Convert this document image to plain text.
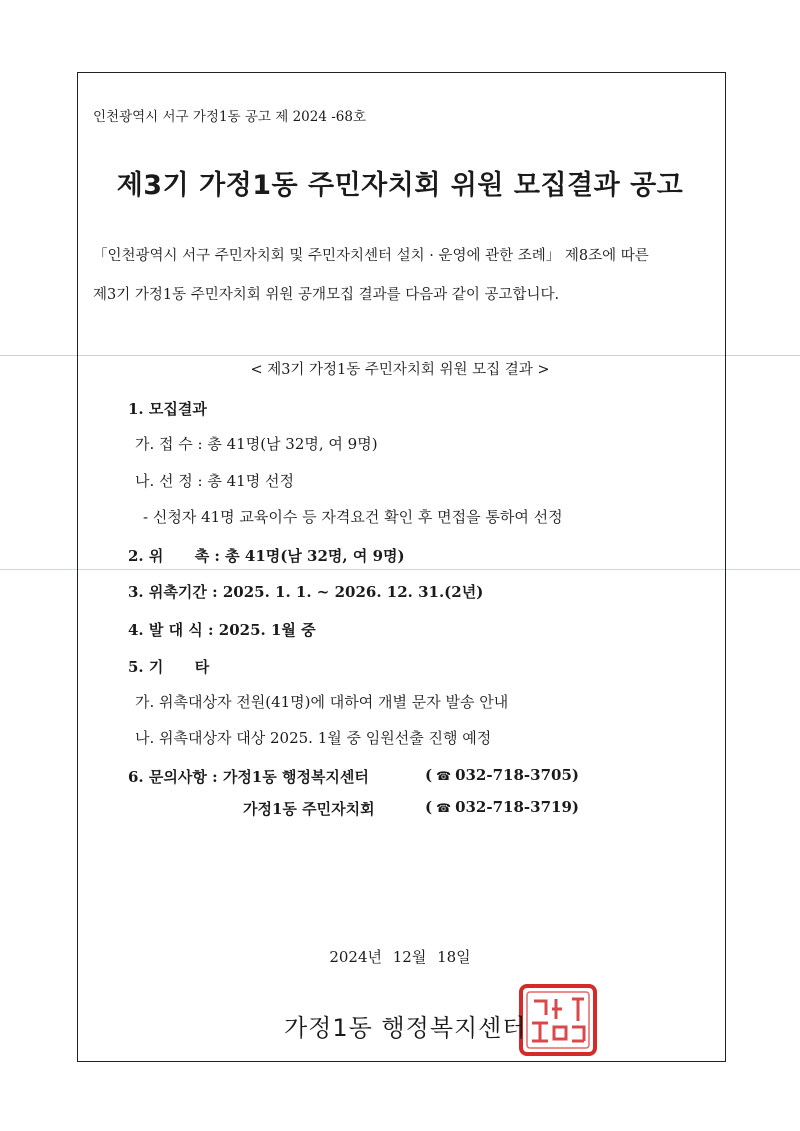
인천광역시 서구 가정1동 공고 제 2024 -68호
제3기 가정1동 주민자치회 위원 모집결과 공고
「인천광역시 서구 주민자치회 및 주민자치센터 설치 · 운영에 관한 조례」 제8조에 따른
제3기 가정1동 주민자치회 위원 공개모집 결과를 다음과 같이 공고합니다.
< 제3기 가정1동 주민자치회 위원 모집 결과 >
1. 모집결과
가. 접 수 : 총 41명(남 32명, 여 9명)
나. 선 정 : 총 41명 선정
- 신청자 41명 교육이수 등 자격요건 확인 후 면접을 통하여 선정
2. 위      촉 : 총 41명(남 32명, 여 9명)
3. 위촉기간 : 2025. 1. 1. ~ 2026. 12. 31.(2년)
4. 발 대 식 : 2025. 1월 중
5. 기      타
가. 위촉대상자 전원(41명)에 대하여 개별 문자 발송 안내
나. 위촉대상자 대상 2025. 1월 중 임원선출 진행 예정
6. 문의사항 : 가정1동 행정복지센터	( ☎ 032-718-3705)
가정1동 주민자치회	( ☎ 032-718-3719)
2024년 12월 18일
가정1동 행정복지센터
